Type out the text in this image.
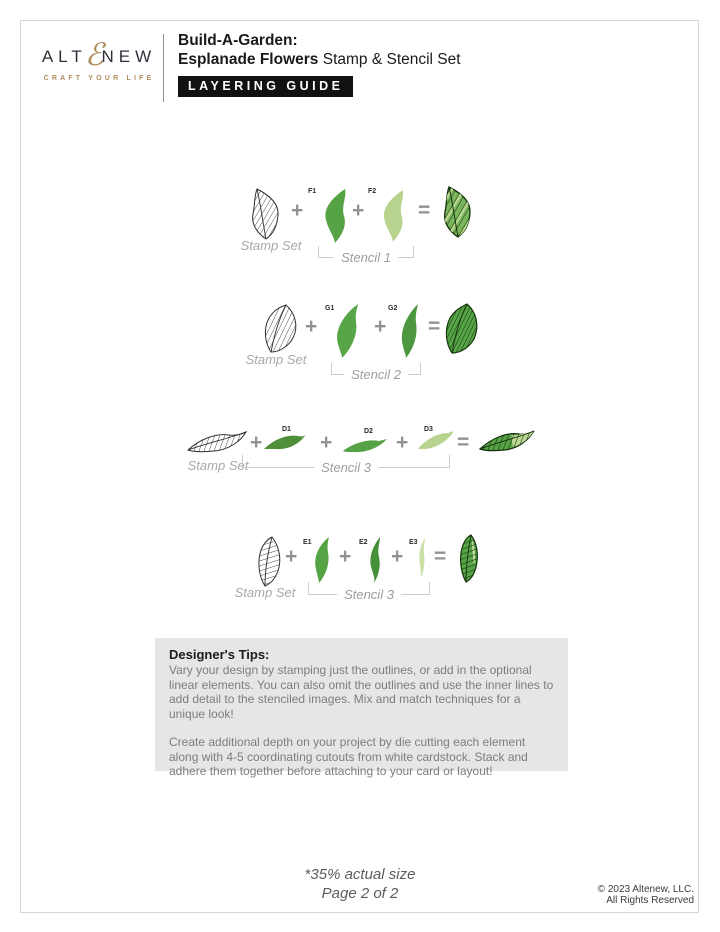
ALTℰNEW
CRAFT YOUR LIFE
Build-A-Garden:
Esplanade Flowers Stamp & Stencil Set
LAYERING GUIDE
Stamp Set
+
F1
+
F2
=
Stencil 1
Stamp Set
+
G1
+
G2
=
Stencil 2
Stamp Set
+
D1
+	D2 +
D3
=
Stencil 3
Stamp Set
+
E1
+
E2
+
E3
=
Stencil 3

Designer's Tips:

Vary your design by stamping just the outlines, or add in the optional linear elements. You can also omit the outlines and use the inner lines to add detail to the stenciled images. Mix and match techniques for a unique look!

Create additional depth on your project by die cutting each element along with 4-5 coordinating cutouts from white cardstock. Stack and adhere them together before attaching to your card or layout!

*35% actual size
Page 2 of 2	© 2023 Altenew, LLC.
All Rights Reserved
